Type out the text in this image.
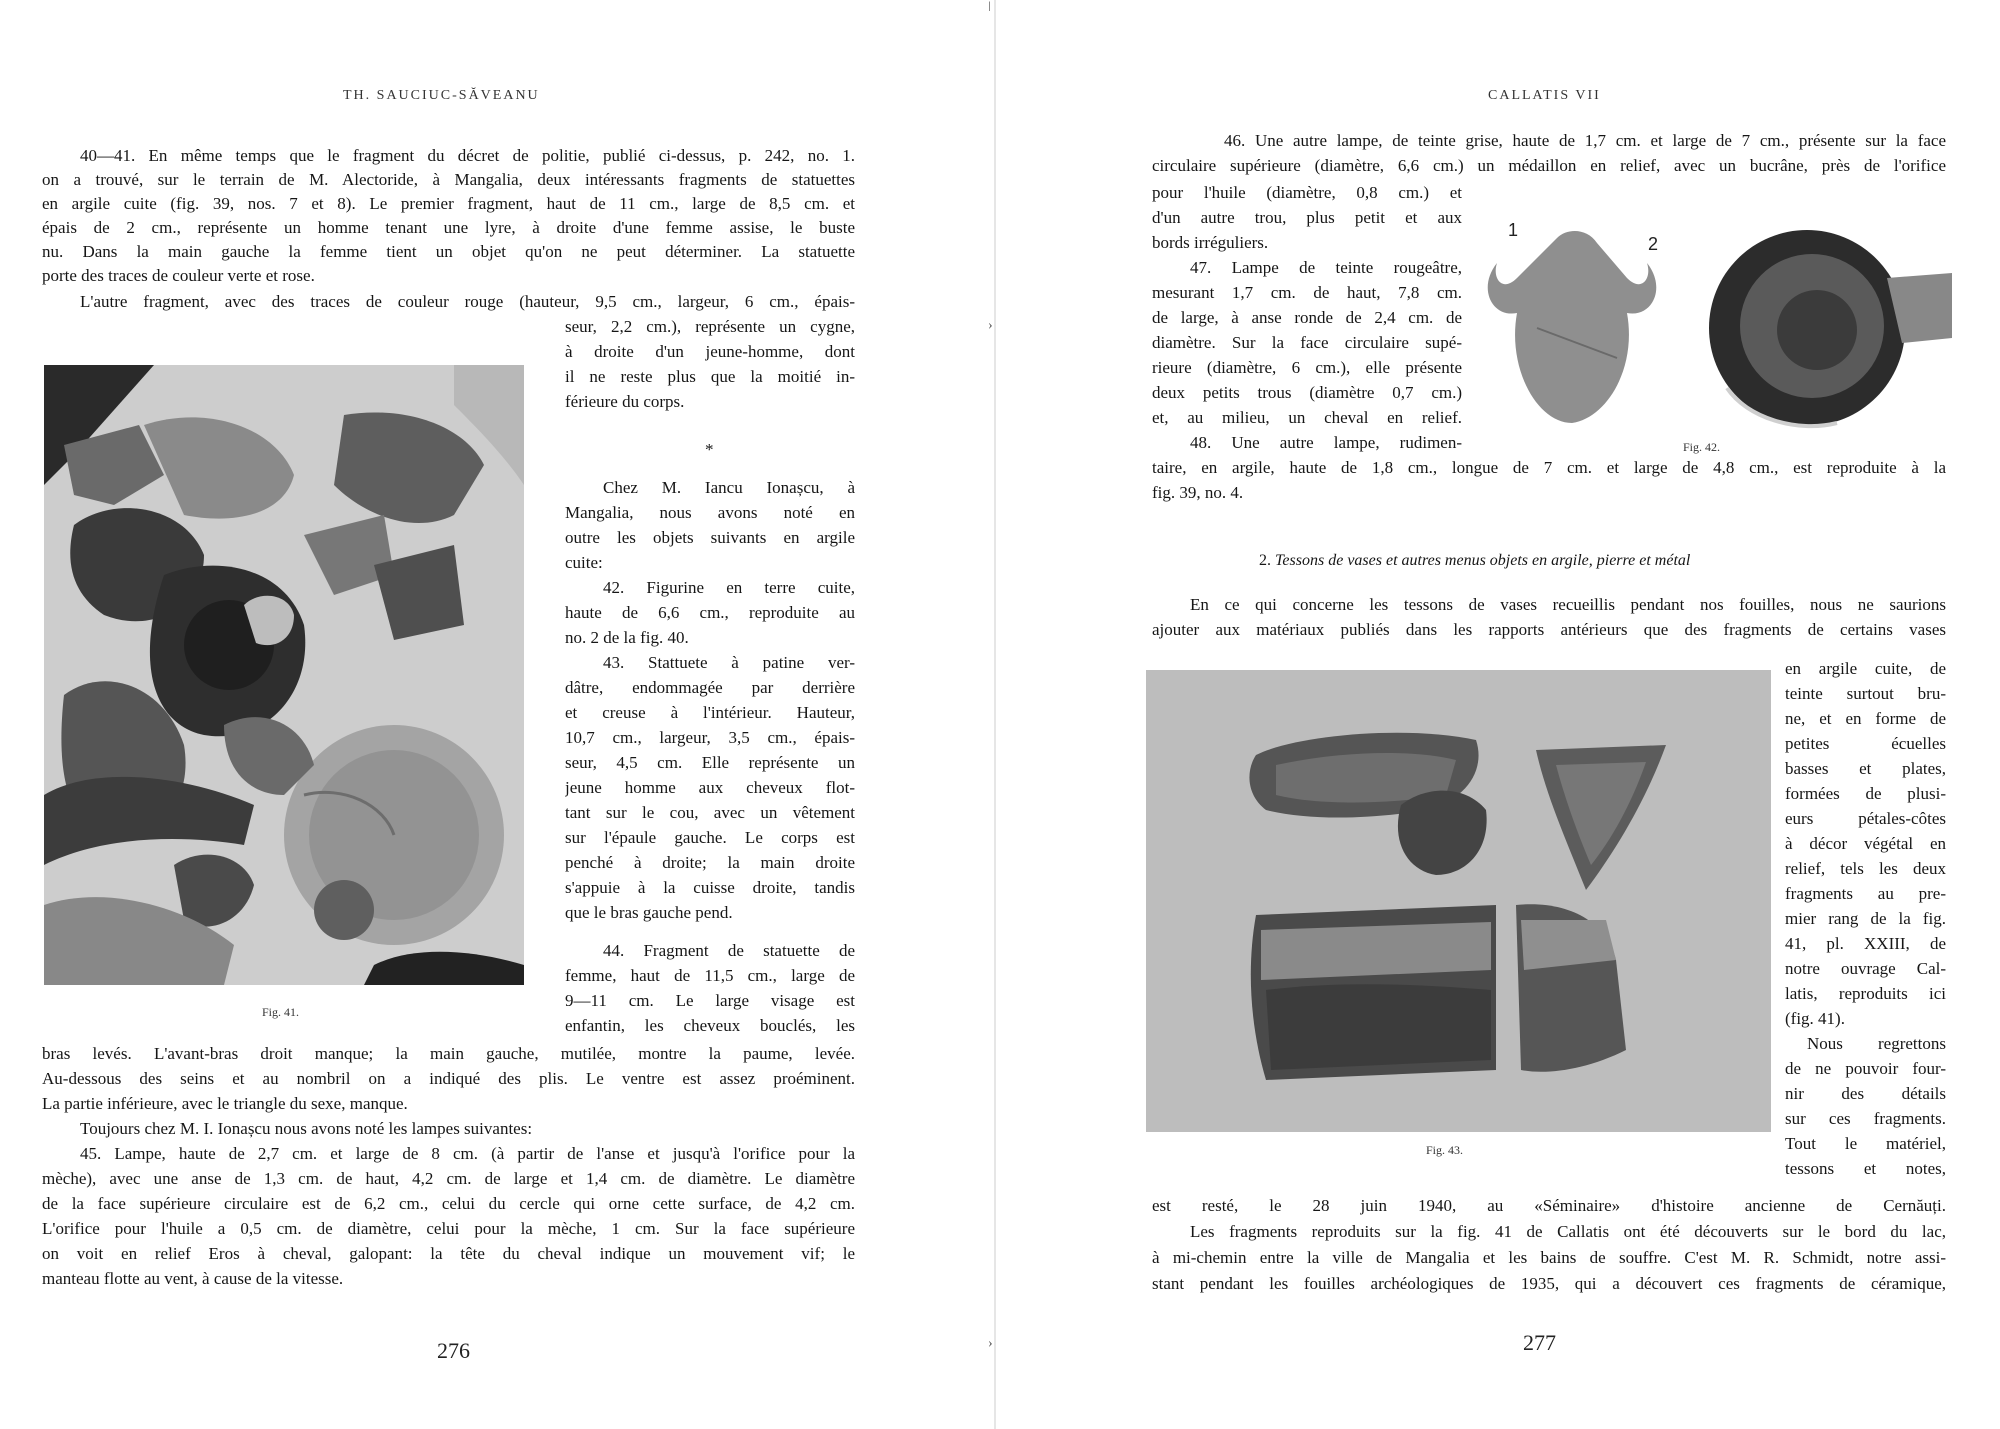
TH. SAUCIUC-SĂVEANU
40—41. En même temps que le fragment du décret de politie, publié ci-dessus, p. 242, no. 1.
on a trouvé, sur le terrain de M. Alectoride, à Mangalia, deux intéressants fragments de statuettes
en argile cuite (fig. 39, nos. 7 et 8). Le premier fragment, haut de 11 cm., large de 8,5 cm. et
épais de 2 cm., représente un homme tenant une lyre, à droite d'une femme assise, le buste
nu. Dans la main gauche la femme tient un objet qu'on ne peut déterminer. La statuette
porte des traces de couleur verte et rose.
L'autre fragment, avec des traces de couleur rouge (hauteur, 9,5 cm., largeur, 6 cm., épais-
seur, 2,2 cm.), représente un cygne,
à droite d'un jeune-homme, dont
il ne reste plus que la moitié in-
férieure du corps.
*
Chez M. Iancu Ionașcu, à
Mangalia, nous avons noté en
outre les objets suivants en argile
cuite:
42. Figurine en terre cuite,
haute de 6,6 cm., reproduite au
no. 2 de la fig. 40.
43. Stattuete à patine ver-
dâtre, endommagée par derrière
et creuse à l'intérieur. Hauteur,
10,7 cm., largeur, 3,5 cm., épais-
seur, 4,5 cm. Elle représente un
jeune homme aux cheveux flot-
tant sur le cou, avec un vêtement
sur l'épaule gauche. Le corps est
penché à droite; la main droite
s'appuie à la cuisse droite, tandis
que le bras gauche pend.
44. Fragment de statuette de
femme, haut de 11,5 cm., large de
9—11 cm. Le large visage est
enfantin, les cheveux bouclés, les
bras levés. L'avant-bras droit manque; la main gauche, mutilée, montre la paume, levée.
Au-dessous des seins et au nombril on a indiqué des plis. Le ventre est assez proéminent.
La partie inférieure, avec le triangle du sexe, manque.
Toujours chez M. I. Ionașcu nous avons noté les lampes suivantes:
45. Lampe, haute de 2,7 cm. et large de 8 cm. (à partir de l'anse et jusqu'à l'orifice pour la
mèche), avec une anse de 1,3 cm. de haut, 4,2 cm. de large et 1,4 cm. de diamètre. Le diamètre
de la face supérieure circulaire est de 6,2 cm., celui du cercle qui orne cette surface, de 4,2 cm.
L'orifice pour l'huile a 0,5 cm. de diamètre, celui pour la mèche, 1 cm. Sur la face supérieure
on voit en relief Eros à cheval, galopant: la tête du cheval indique un mouvement vif; le
manteau flotte au vent, à cause de la vitesse.
Fig. 41.
276
ǀ
›
›
CALLATIS VII
46. Une autre lampe, de teinte grise, haute de 1,7 cm. et large de 7 cm., présente sur la face
circulaire supérieure (diamètre, 6,6 cm.) un médaillon en relief, avec un bucrâne, près de l'orifice
pour l'huile (diamètre, 0,8 cm.) et
d'un autre trou, plus petit et aux
bords irréguliers.
47. Lampe de teinte rougeâtre,
mesurant 1,7 cm. de haut, 7,8 cm.
de large, à anse ronde de 2,4 cm. de
diamètre. Sur la face circulaire supé-
rieure (diamètre, 6 cm.), elle présente
deux petits trous (diamètre 0,7 cm.)
et, au milieu, un cheval en relief.
48. Une autre lampe, rudimen-
taire, en argile, haute de 1,8 cm., longue de 7 cm. et large de 4,8 cm., est reproduite à la
fig. 39, no. 4.
1
2
Fig. 42.
2. Tessons de vases et autres menus objets en argile, pierre et métal
En ce qui concerne les tessons de vases recueillis pendant nos fouilles, nous ne saurions
ajouter aux matériaux publiés dans les rapports antérieurs que des fragments de certains vases
en argile cuite, de
teinte surtout bru-
ne, et en forme de
petites écuelles
basses et plates,
formées de plusi-
eurs pétales-côtes
à décor végétal en
relief, tels les deux
fragments au pre-
mier rang de la fig.
41, pl. XXIII, de
notre ouvrage Cal-
latis, reproduits ici
(fig. 41).
Nous regrettons
de ne pouvoir four-
nir des détails
sur ces fragments.
Tout le matériel,
tessons et notes,
est resté, le 28 juin 1940, au «Séminaire» d'histoire ancienne de Cernăuți.
Les fragments reproduits sur la fig. 41 de Callatis ont été découverts sur le bord du lac,
à mi-chemin entre la ville de Mangalia et les bains de souffre. C'est M. R. Schmidt, notre assi-
stant pendant les fouilles archéologiques de 1935, qui a découvert ces fragments de céramique,
Fig. 43.
277
